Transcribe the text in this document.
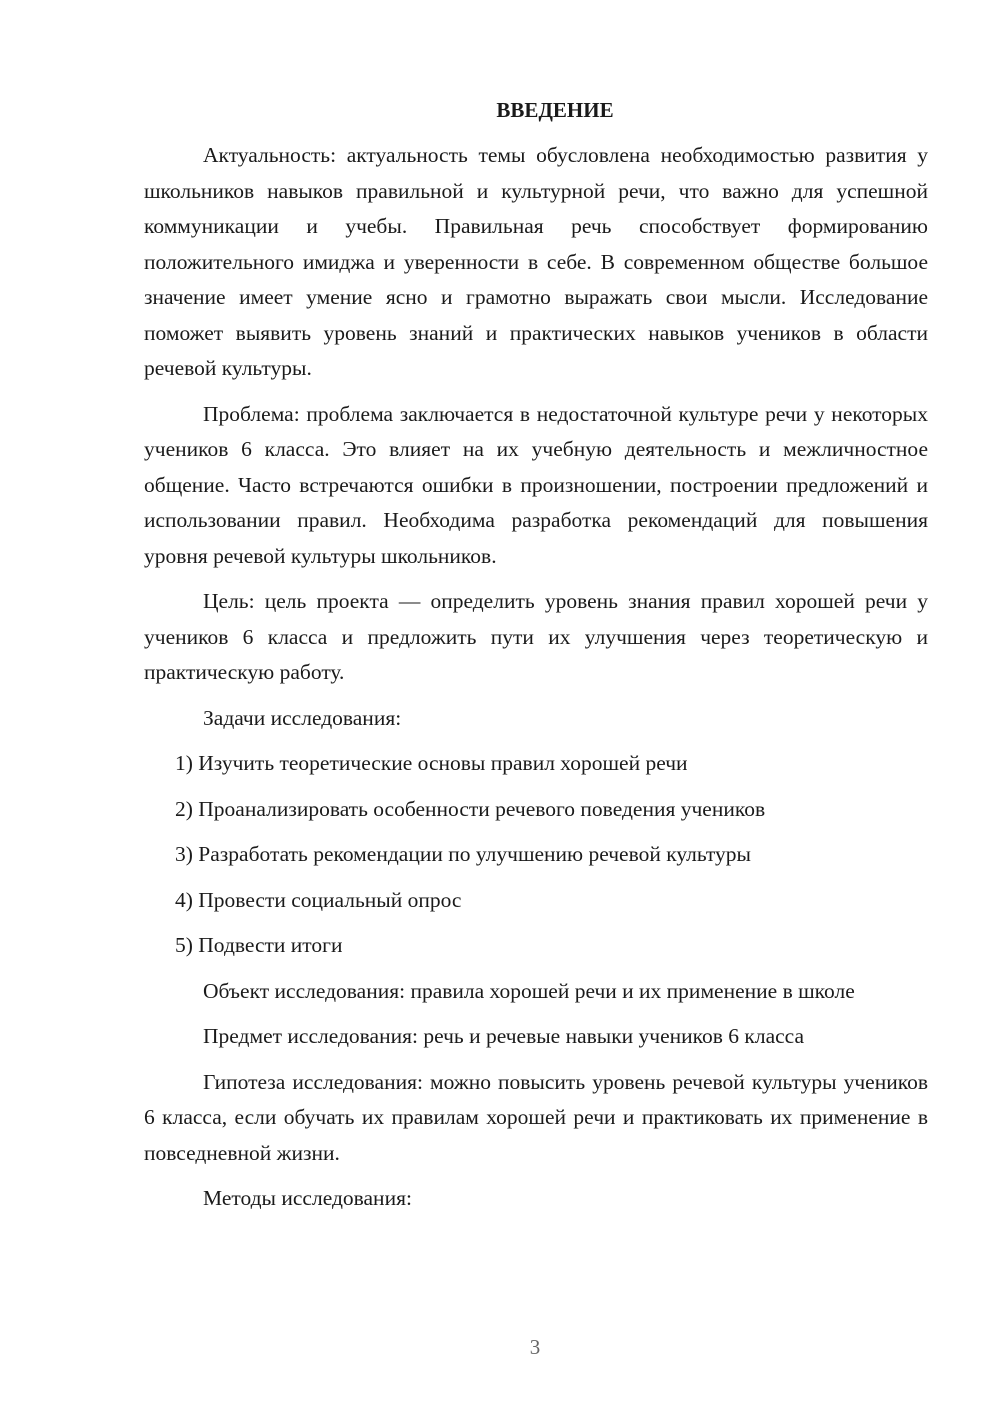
ВВЕДЕНИЕ

Актуальность: актуальность темы обусловлена необходимостью развития у школьников навыков правильной и культурной речи, что важно для успешной коммуникации и учебы. Правильная речь способствует формированию положительного имиджа и уверенности в себе. В современном обществе большое значение имеет умение ясно и грамотно выражать свои мысли. Исследование поможет выявить уровень знаний и практических навыков учеников в области речевой культуры.

Проблема: проблема заключается в недостаточной культуре речи у некоторых учеников 6 класса. Это влияет на их учебную деятельность и межличностное общение. Часто встречаются ошибки в произношении, построении предложений и использовании правил. Необходима разработка рекомендаций для повышения уровня речевой культуры школьников.

Цель: цель проекта — определить уровень знания правил хорошей речи у учеников 6 класса и предложить пути их улучшения через теоретическую и практическую работу.

Задачи исследования:

1) Изучить теоретические основы правил хорошей речи
2) Проанализировать особенности речевого поведения учеников
3) Разработать рекомендации по улучшению речевой культуры
4) Провести социальный опрос
5) Подвести итоги

Объект исследования: правила хорошей речи и их применение в школе

Предмет исследования: речь и речевые навыки учеников 6 класса

Гипотеза исследования: можно повысить уровень речевой культуры учеников 6 класса, если обучать их правилам хорошей речи и практиковать их применение в повседневной жизни.

Методы исследования:

3
